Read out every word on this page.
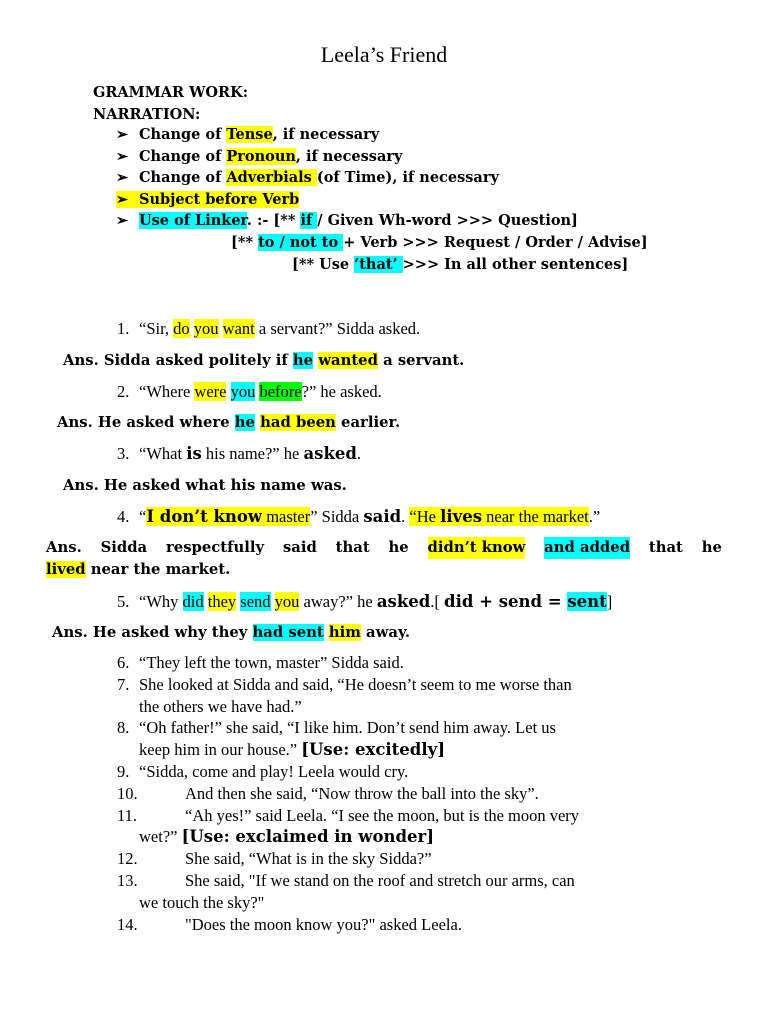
Leela’s Friend
GRAMMAR WORK:
NARRATION:
➢ Change of Tense, if necessary
➢ Change of Pronoun, if necessary
➢ Change of Adverbials (of Time), if necessary
➢ Subject before Verb
➢ Use of Linker. :- [** if / Given Wh-word >>> Question]
[** to / not to + Verb >>> Request / Order / Advise]
[** Use ‘that’ >>> In all other sentences]
1. “Sir, do you want a servant?” Sidda asked.
Ans. Sidda asked politely if he wanted a servant.
2. “Where were you before?” he asked.
Ans. He asked where he had been earlier.
3. “What is his name?” he asked.
Ans. He asked what his name was.
4. “I don’t know master” Sidda said. “He lives near the market.”
Ans. Sidda respectfully said that he didn’t know and added that he
lived near the market.
5. “Why did they send you away?” he asked.[ did + send = sent]
Ans. He asked why they had sent him away.
6. “They left the town, master” Sidda said.
7. She looked at Sidda and said, “He doesn’t seem to me worse than
the others we have had.”
8. “Oh father!” she said, “I like him. Don’t send him away. Let us
keep him in our house.” [Use: excitedly]
9. “Sidda, come and play! Leela would cry.
10.	And then she said, “Now throw the ball into the sky”.
11.	“Ah yes!” said Leela. “I see the moon, but is the moon very
wet?” [Use: exclaimed in wonder]
12.	She said, “What is in the sky Sidda?”
13.	She said, "If we stand on the roof and stretch our arms, can
we touch the sky?"
14.	"Does the moon know you?" asked Leela.
